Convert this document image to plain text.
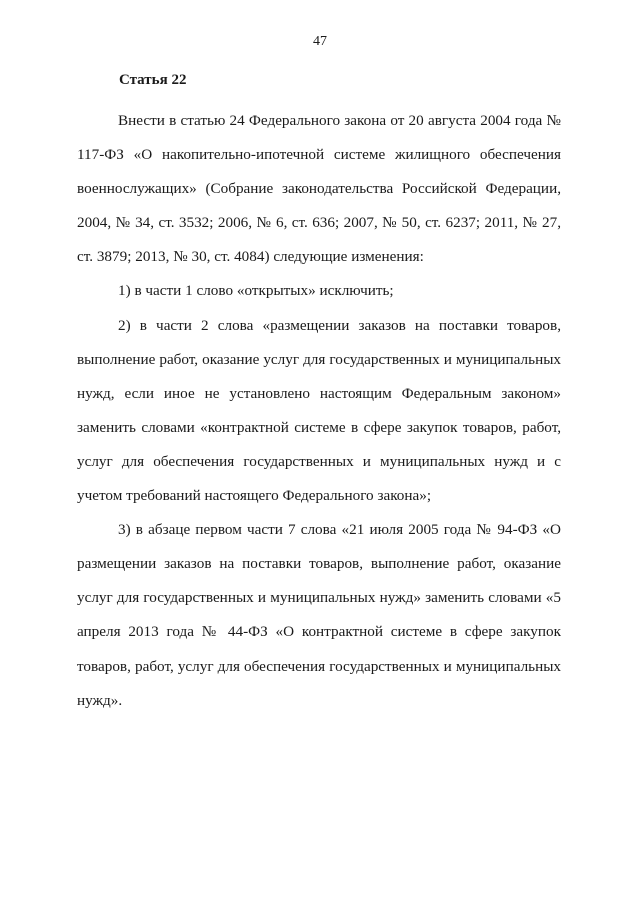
47
Статья 22

Внести в статью 24 Федерального закона от 20 августа 2004 года № 117-ФЗ «О накопительно-ипотечной системе жилищного обеспечения военнослужащих» (Собрание законодательства Российской Федерации, 2004, № 34, ст. 3532; 2006, № 6, ст. 636; 2007, № 50, ст. 6237; 2011, № 27, ст. 3879; 2013, № 30, ст. 4084) следующие изменения:

1) в части 1 слово «открытых» исключить;

2) в части 2 слова «размещении заказов на поставки товаров, выполнение работ, оказание услуг для государственных и муниципальных нужд, если иное не установлено настоящим Федеральным законом» заменить словами «контрактной системе в сфере закупок товаров, работ, услуг для обеспечения государственных и муниципальных нужд и с учетом требований настоящего Федерального закона»;

3) в абзаце первом части 7 слова «21 июля 2005 года № 94-ФЗ «О размещении заказов на поставки товаров, выполнение работ, оказание услуг для государственных и муниципальных нужд» заменить словами «5 апреля 2013 года № 44-ФЗ «О контрактной системе в сфере закупок товаров, работ, услуг для обеспечения государственных и муниципальных нужд».
